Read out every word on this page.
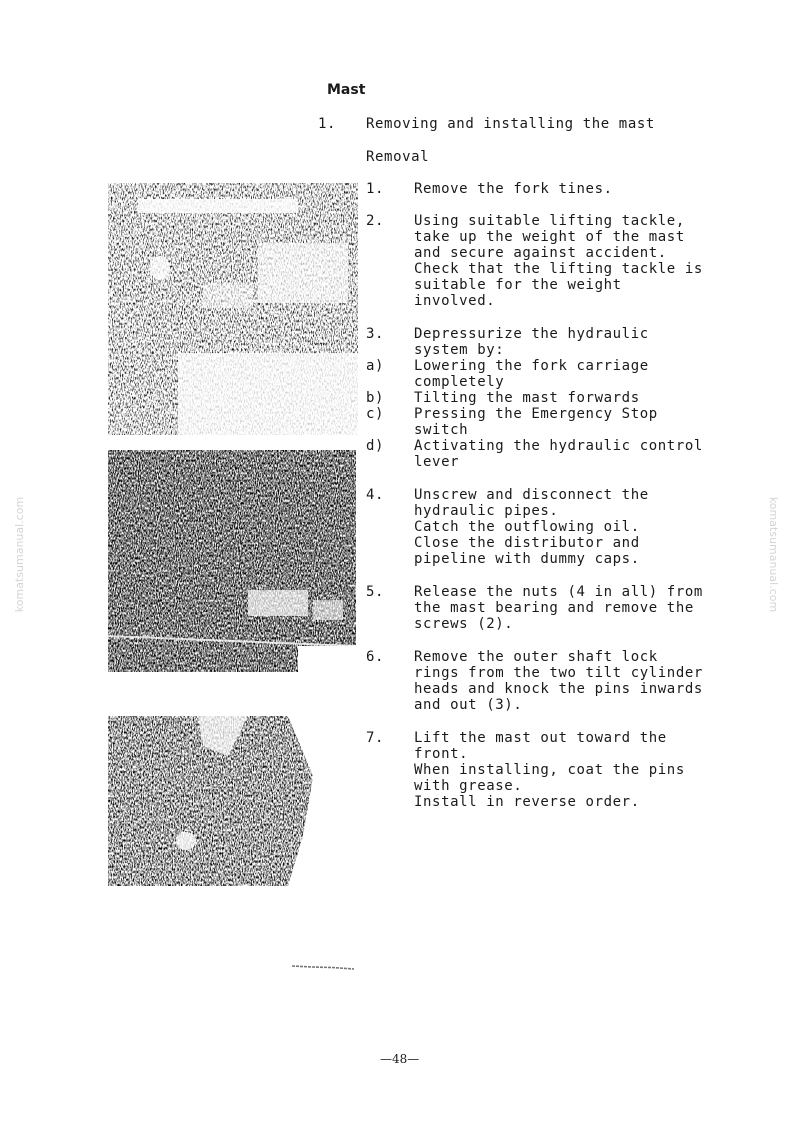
Mast
1. Removing and installing the mast
Removal
1. Remove the fork tines.
2. Using suitable lifting tackle,
take up the weight of the mast
and secure against accident.
Check that the lifting tackle is
suitable for the weight
involved.
3. Depressurize the hydraulic
system by:
Lowering the fork carriage
completely
Tilting the mast forwards
Pressing the Emergency Stop
switch
Activating the hydraulic control
lever
a)
b)
c)
d)
4. Unscrew and disconnect the
hydraulic pipes.
Catch the outflowing oil.
Close the distributor and
pipeline with dummy caps.
5. Release the nuts (4 in all) from
the mast bearing and remove the
screws (2).
6. Remove the outer shaft lock
rings from the two tilt cylinder
heads and knock the pins inwards
and out (3).
7. Lift the mast out toward the
front.
When installing, coat the pins
with grease.
Install in reverse order.
komatsumanual.com	komatsumanual.com
—48—
